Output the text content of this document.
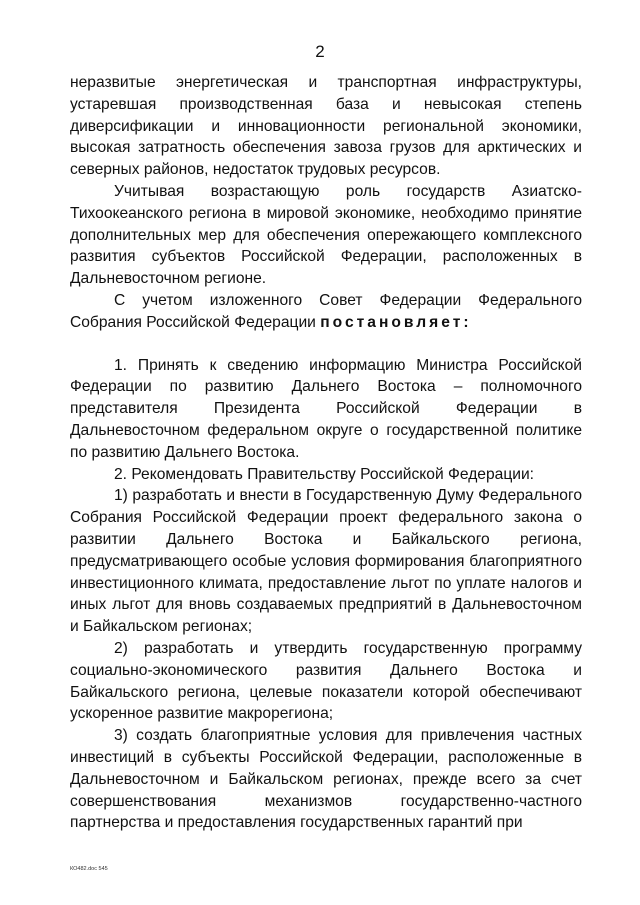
2

неразвитые энергетическая и транспортная инфраструктуры, устаревшая производственная база и невысокая степень диверсификации и инновационности региональной экономики, высокая затратность обеспечения завоза грузов для арктических и северных районов, недостаток трудовых ресурсов.

Учитывая возрастающую роль государств Азиатско-Тихоокеанского региона в мировой экономике, необходимо принятие дополнительных мер для обеспечения опережающего комплексного развития субъектов Российской Федерации, расположенных в Дальневосточном регионе.

С учетом изложенного Совет Федерации Федерального Собрания Российской Федерации постановляет:

1. Принять к сведению информацию Министра Российской Федерации по развитию Дальнего Востока – полномочного представителя Президента Российской Федерации в Дальневосточном федеральном округе о государственной политике по развитию Дальнего Востока.

2. Рекомендовать Правительству Российской Федерации:

1) разработать и внести в Государственную Думу Федерального Собрания Российской Федерации проект федерального закона о развитии Дальнего Востока и Байкальского региона, предусматривающего особые условия формирования благоприятного инвестиционного климата, предоставление льгот по уплате налогов и иных льгот для вновь создаваемых предприятий в Дальневосточном и Байкальском регионах;

2) разработать и утвердить государственную программу социально-экономического развития Дальнего Востока и Байкальского региона, целевые показатели которой обеспечивают ускоренное развитие макрорегиона;

3) создать благоприятные условия для привлечения частных инвестиций в субъекты Российской Федерации, расположенные в Дальневосточном и Байкальском регионах, прежде всего за счет совершенствования механизмов государственно-частного партнерства и предоставления государственных гарантий при

КО482.doc 545
